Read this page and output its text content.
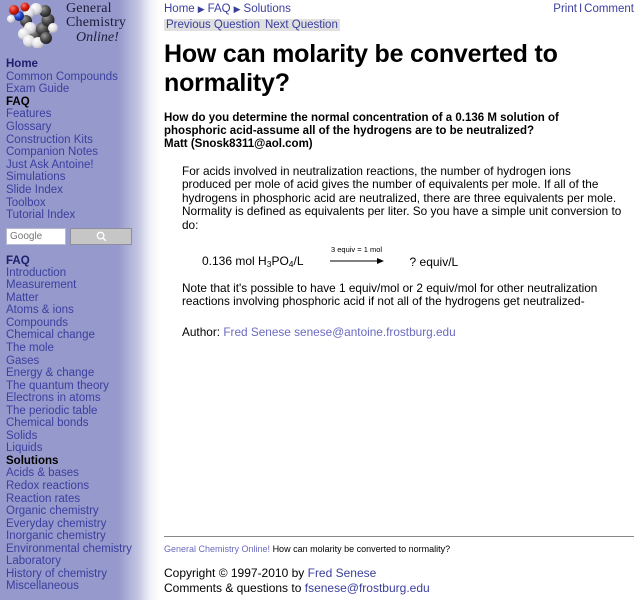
General
Chemistry
Online!
Home
Common Compounds
Exam Guide
FAQ
Features
Glossary
Construction Kits
Companion Notes
Just Ask Antoine!
Simulations
Slide Index
Toolbox
Tutorial Index
Google
FAQ
Introduction
Measurement
Matter
Atoms & ions
Compounds
Chemical change
The mole
Gases
Energy & change
The quantum theory
Electrons in atoms
The periodic table
Chemical bonds
Solids
Liquids
Solutions
Acids & bases
Redox reactions
Reaction rates
Organic chemistry
Everyday chemistry
Inorganic chemistry
Environmental chemistry
Laboratory
History of chemistry
Miscellaneous
Home ▶ FAQ ▶ Solutions	Print I Comment
Previous Question Next Question
How can molarity be converted to normality?
How do you determine the normal concentration of a 0.136 M solution of phosphoric acid-assume all of the hydrogens are to be neutralized?
Matt (Snosk8311@aol.com)
For acids involved in neutralization reactions, the number of hydrogen ions produced per mole of acid gives the number of equivalents per mole. If all of the hydrogens in phosphoric acid are neutralized, there are three equivalents per mole. Normality is defined as equivalents per liter. So you have a simple unit conversion to do:
0.136 mol $H_3PO_4/L$
3 equiv = 1 mol
? equiv/L
Note that it's possible to have 1 equiv/mol or 2 equiv/mol for other neutralization reactions involving phosphoric acid if not all of the hydrogens get neutralized-
Author: Fred Senese senese@antoine.frostburg.edu
General Chemistry Online! How can molarity be converted to normality?
Copyright © 1997-2010 by Fred Senese
Comments & questions to fsenese@frostburg.edu
